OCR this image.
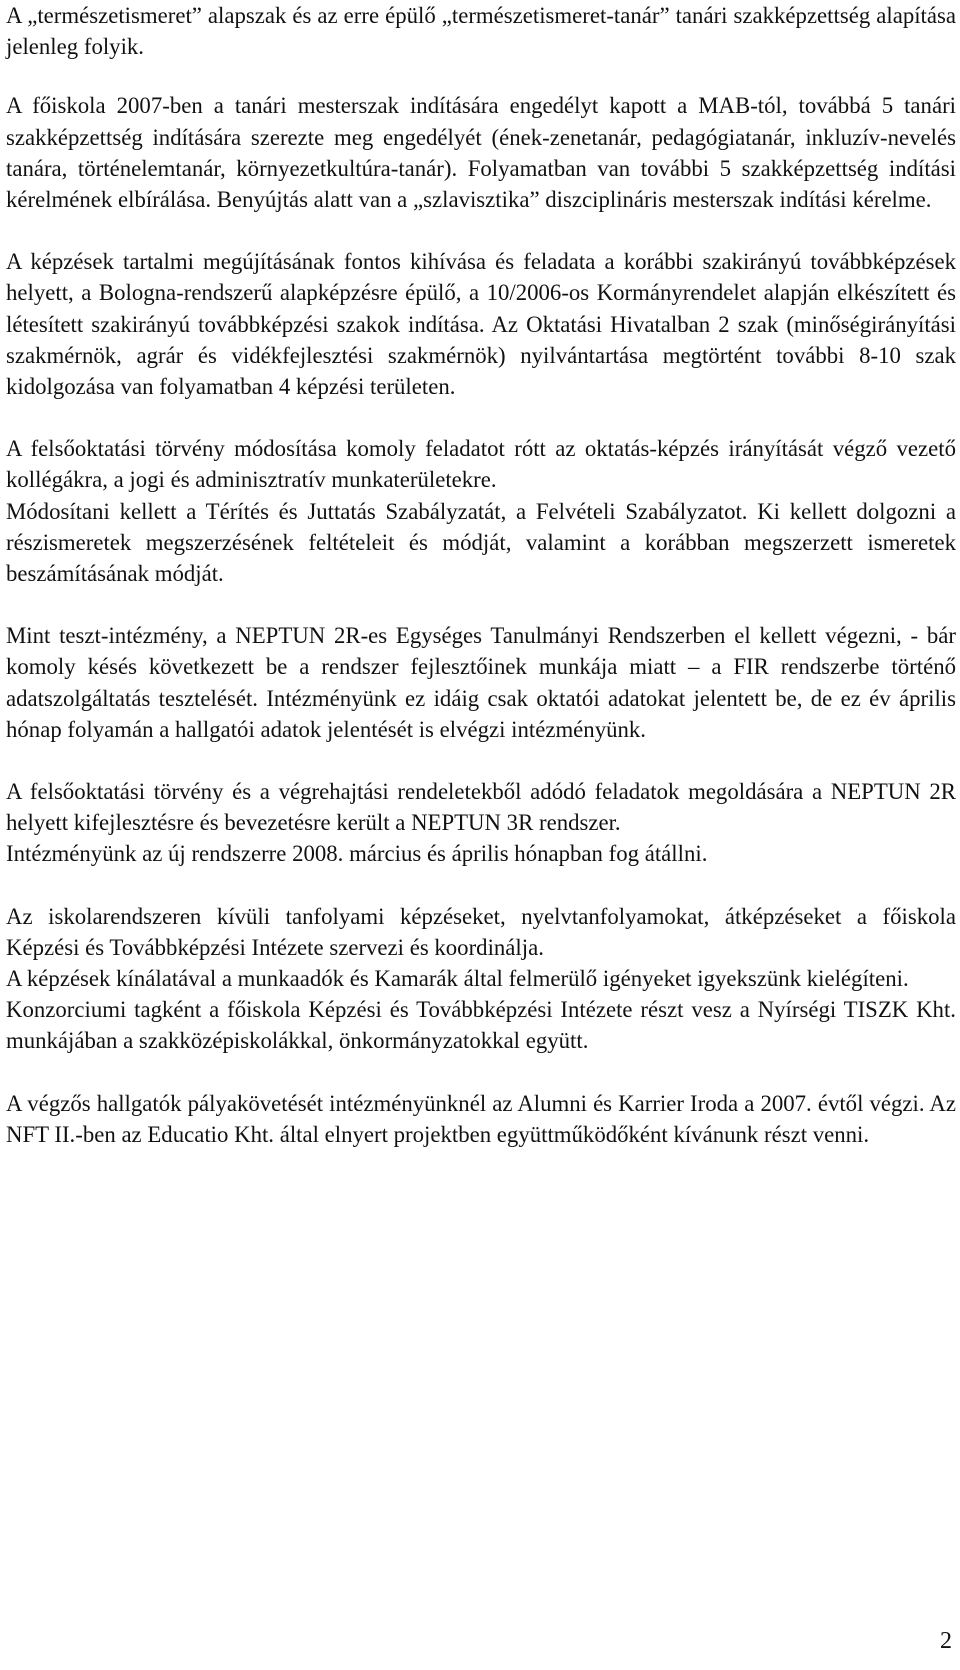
A „természetismeret” alapszak és az erre épülő „természetismeret-tanár” tanári szakképzettség alapítása jelenleg folyik.

A főiskola 2007-ben a tanári mesterszak indítására engedélyt kapott a MAB-tól, továbbá 5 tanári szakképzettség indítására szerezte meg engedélyét (ének-zenetanár, pedagógiatanár, inkluzív-nevelés tanára, történelemtanár, környezetkultúra-tanár). Folyamatban van további 5 szakképzettség indítási kérelmének elbírálása. Benyújtás alatt van a „szlavisztika” diszciplináris mesterszak indítási kérelme.

A képzések tartalmi megújításának fontos kihívása és feladata a korábbi szakirányú továbbképzések helyett, a Bologna-rendszerű alapképzésre épülő, a 10/2006-os Kormányrendelet alapján elkészített és létesített szakirányú továbbképzési szakok indítása. Az Oktatási Hivatalban 2 szak (minőségirányítási szakmérnök, agrár és vidékfejlesztési szakmérnök) nyilvántartása megtörtént további 8-10 szak kidolgozása van folyamatban 4 képzési területen.

A felsőoktatási törvény módosítása komoly feladatot rótt az oktatás-képzés irányítását végző vezető kollégákra, a jogi és adminisztratív munkaterületekre.

Módosítani kellett a Térítés és Juttatás Szabályzatát, a Felvételi Szabályzatot. Ki kellett dolgozni a részismeretek megszerzésének feltételeit és módját, valamint a korábban megszerzett ismeretek beszámításának módját.

Mint teszt-intézmény, a NEPTUN 2R-es Egységes Tanulmányi Rendszerben el kellett végezni, - bár komoly késés következett be a rendszer fejlesztőinek munkája miatt – a FIR rendszerbe történő adatszolgáltatás tesztelését. Intézményünk ez idáig csak oktatói adatokat jelentett be, de ez év április hónap folyamán a hallgatói adatok jelentését is elvégzi intézményünk.

A felsőoktatási törvény és a végrehajtási rendeletekből adódó feladatok megoldására a NEPTUN 2R helyett kifejlesztésre és bevezetésre került a NEPTUN 3R rendszer.

Intézményünk az új rendszerre 2008. március és április hónapban fog átállni.

Az iskolarendszeren kívüli tanfolyami képzéseket, nyelvtanfolyamokat, átképzéseket a főiskola Képzési és Továbbképzési Intézete szervezi és koordinálja.

A képzések kínálatával a munkaadók és Kamarák által felmerülő igényeket igyekszünk kielégíteni.

Konzorciumi tagként a főiskola Képzési és Továbbképzési Intézete részt vesz a Nyírségi TISZK Kht. munkájában a szakközépiskolákkal, önkormányzatokkal együtt.

A végzős hallgatók pályakövetését intézményünknél az Alumni és Karrier Iroda a 2007. évtől végzi. Az NFT II.-ben az Educatio Kht. által elnyert projektben együttműködőként kívánunk részt venni.

2
